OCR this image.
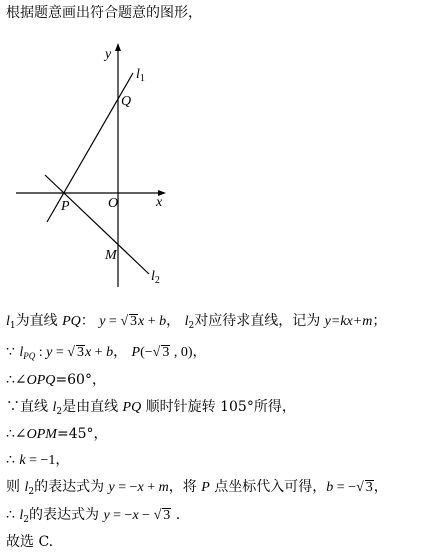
根据题意画出符合题意的图形，
y
x
O
Q
P
M
$l_1$
$l_2$
$l_1$为直线 PQ： y = √ 3x + b， $l_2$对应待求直线，记为 y=kx+m；
∵ $l_{PQ}$ : y = √ 3x + b， P(−√ 3 , 0)，
∴∠OPQ=60°，
∵直线 $l_2$是由直线 PQ 顺时针旋转 105°所得，
∴∠OPM=45°，
∴ k = −1，
则 $l_2$的表达式为 y = −x + m，将 P 点坐标代入可得，b = −√ 3，
∴ $l_2$的表达式为 y = −x − √ 3 .
故选 C.
